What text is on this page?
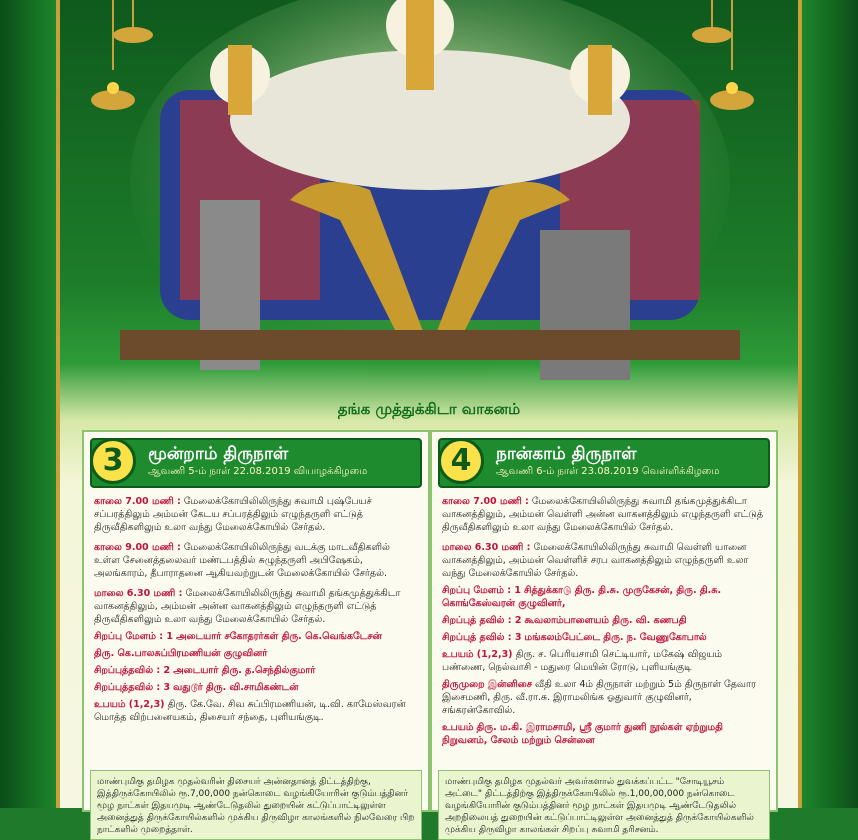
தங்க முத்துக்கிடா வாகனம்
3	மூன்றாம் திருநாள்
ஆவணி 5-ம் நாள் 22.08.2019 வியாழக்கிழமை
காலை 7.00 மணி : மேலைக்கோயிலிலிருந்து சுவாமி புஷ்பேயச் சப்பரத்திலும் அம்மன் கேடய சப்பரத்திலும் எழுந்தருளி எட்டுத் திருவீதிகளிலும் உலா வந்து மேலைக்கோயில் சேர்தல்.
காலை 9.00 மணி : மேலைக்கோயிலிலிருந்து வடக்கு மாடவீதிகளில் உள்ள சேனைத்தலைவர் மண்டபத்தில் சுழுந்தருளி அபிஷேகம், அலங்காரம், தீபாராதனை ஆகியவற்றுடன் மேலைக்கோயில் சேர்தல்.
மாலை 6.30 மணி : மேலைக்கோயிலிலிருந்து சுவாமி தங்கமுத்துக்கிடா வாகனத்திலும், அம்மன் அன்ன வாகனத்திலும் எழுந்தருளி எட்டுத் திருவீதிகளிலும் உலா வந்து மேலைக்கோயில் சேர்தல்.
சிறப்பு மேளம் : 1 அடையார் சகோதரர்கள் திரு. கெ.வெங்கடேசன்
திரு. கெ.பாலசுப்பிரமணியன் குழுவினர்
சிறப்புத்தவில் : 2 அடையார் திரு. த.செந்தில்குமார்
சிறப்புத்தவில் : 3 வதுடூர் திரு. வி.சாமிகண்டன்
உபயம் (1,2,3) திரு. கே.வே. சிவ சுப்பிரமணியன், டி.வி. காமேஸ்வரன் மொத்த விற்பனையகம், திசையர் சந்தை, புளியங்குடி.
மாண்புமிகு தமிழக முதல்வரின் திசையர் அன்னதானத் திட்டத்திற்கு, இத்திருக்கோயிலில் ரூ.7,00,000 நன்கொடை வழங்கியோரின் குடும்பத்தினர் மூழ நாட்கள் இதயமுடி ஆண்டேடுதலில் துறையின் கட்டுப்பாட்டிலுள்ள அனைத்துத் திருக்கோயில்களில் முக்கிய திருவிழா காலங்களில் நிலவேரை பிற நாட்களில் முறைத்தாள்.
4	நான்காம் திருநாள்
ஆவணி 6-ம் நாள் 23.08.2019 வெள்ளிக்கிழமை
காலை 7.00 மணி : மேலைக்கோயிலிலிருந்து சுவாமி தங்கமுத்துக்கிடா வாகனத்திலும், அம்மன் வெள்ளி அன்ன வாகனத்திலும் எழுந்தருளி எட்டுத் திருவீதிகளிலும் உலா வந்து மேலைக்கோயில் சேர்தல்.
மாலை 6.30 மணி : மேலைக்கோயிலிலிருந்து சுவாமி வெள்ளி யானை வாகனத்திலும், அம்மன் வெள்ளிச் சரப வாகனத்திலும் எழுந்தருளி உலா வந்து மேலைக்கோயில் சேர்தல்.
சிறப்பு மேளம் : 1 சித்துக்காடு திரு. தி.சு. முருகேசன், திரு. தி.சு. கொங்கேஸ்வரன் குழுவினர்,
சிறப்புத் தவில் : 2 கூவலாம்பாளையம் திரு. வி. கணபதி
சிறப்புத் தவில் : 3 மங்கலம்பேட்டை திரு. ந. வேணுகோபால்
உபயம் (1,2,3) திரு. ச. பெரியசாமி செட்டியார், மகேஷ் விஜயம் பண்ணை, நெல்வாசி - மதுரை மெயின் ரோடு, புளியங்குடி
திருமுறை இன்னிசை வீதி உலா 4ம் திருநாள் மற்றும் 5ம் திருநாள் தேவார இசைமணி, திரு. வீ.ரா.சு. இராமலிங்க ஓதுவார் குழுவினர், சங்கரன்கோவில்.
உபயம் திரு. ம.கி. இராமசாமி, ஸ்ரீ குமார் துணி நூல்கள் ஏற்றுமதி நிறுவனம், சேலம் மற்றும் சென்னை
மாண்புமிகு தமிழக முதல்வர் அவர்களால் துவக்கப்பட்ட "சோடியூசம் அட்டை" திட்டத்திற்கு இத்திருக்கோயிலில் ரூ.1,00,00,000 நன்கொடை வழங்கியோரின் குடும்பத்தினர் மூழ நாட்கள் இதயமுடி ஆண்டேடுதலில் அறநிலையத் துறையின் கட்டுப்பாட்டிலுள்ள அனைத்துத் திருக்கோயில்களில் முக்கிய திருவிழா காலங்கள் சிறப்பு சுவாமி தரிசனம்.
